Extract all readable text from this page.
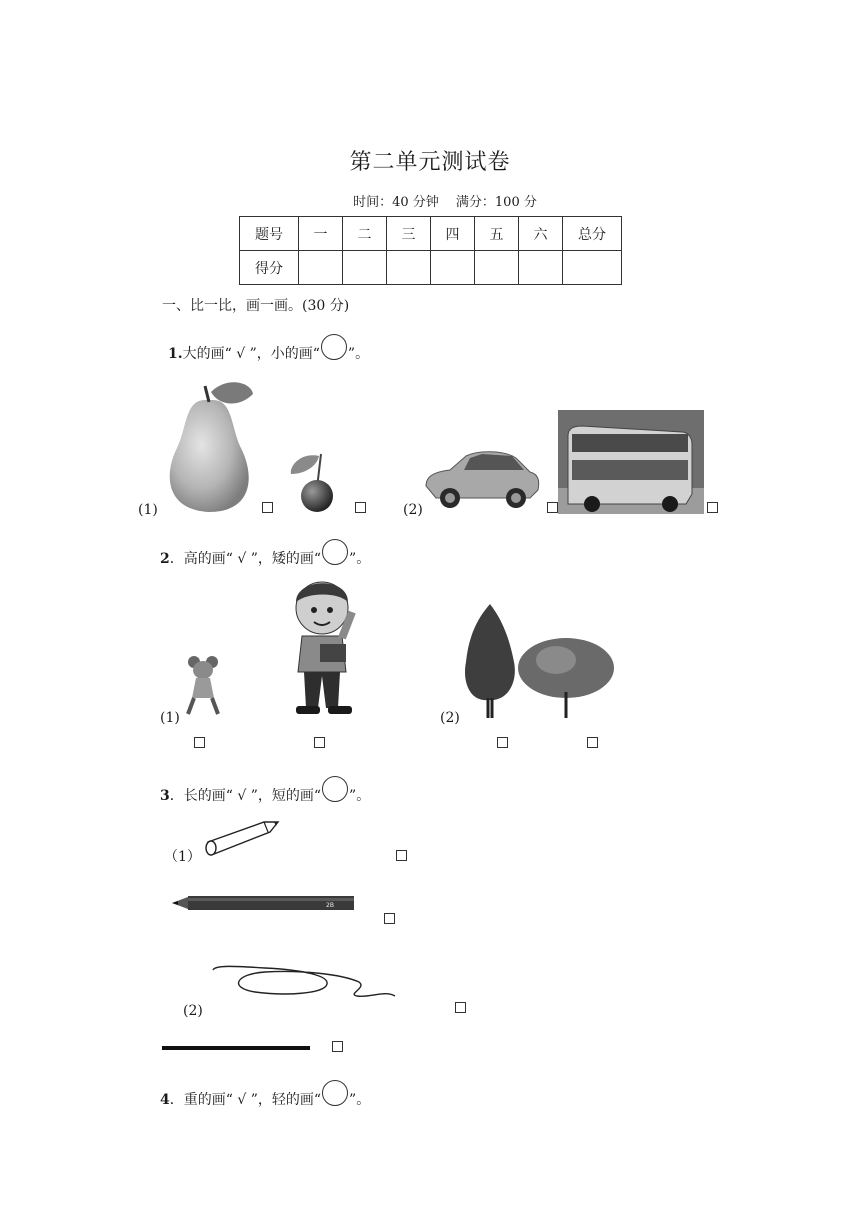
第二单元测试卷
时间：40 分钟　 满分：100 分
题号	一	二	三	四	五	六	总分
得分							
一、比一比，画一画。(30 分)
1.大的画“ √ ”，小的画“ ”。
(1)	(2)
2．高的画“ √ ”，矮的画“ ”。
(1)	(2)
3．长的画“ √ ”，短的画“ ”。
（1）
2B
(2)
4．重的画“ √ ”，轻的画“ ”。
